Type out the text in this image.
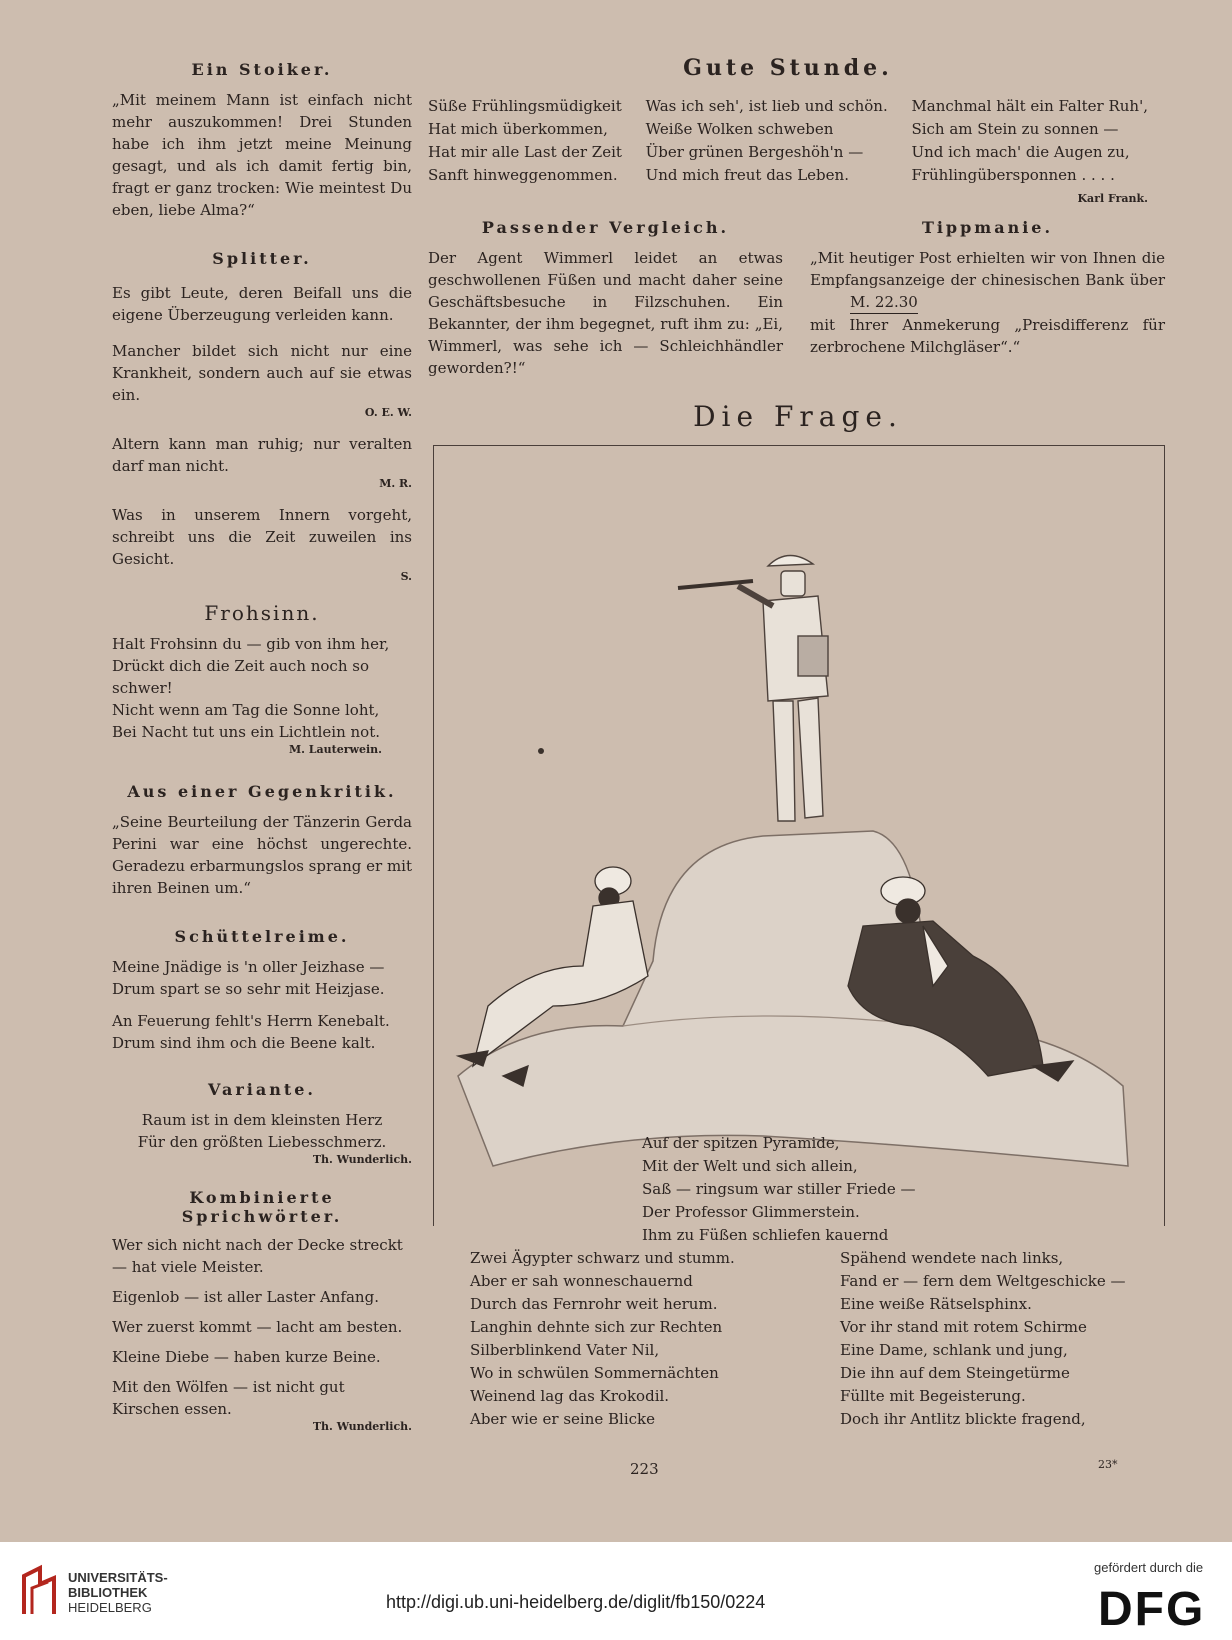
Ein Stoiker.

„Mit meinem Mann ist einfach nicht mehr auszukommen! Drei Stunden habe ich ihm jetzt meine Meinung gesagt, und als ich damit fertig bin, fragt er ganz trocken: Wie meintest Du eben, liebe Alma?“

Splitter.

Es gibt Leute, deren Beifall uns die eigene Überzeugung verleiden kann.

Mancher bildet sich nicht nur eine Krankheit, sondern auch auf sie etwas ein.

O. E. W.

Altern kann man ruhig; nur veralten darf man nicht.

M. R.

Was in unserem Innern vorgeht, schreibt uns die Zeit zuweilen ins Gesicht.

S.

Frohsinn.

Halt Frohsinn du — gib von ihm her,

Drückt dich die Zeit auch noch so schwer!

Nicht wenn am Tag die Sonne loht,

Bei Nacht tut uns ein Lichtlein not.

M. Lauterwein.

Aus einer Gegenkritik.

„Seine Beurteilung der Tänzerin Gerda Perini war eine höchst ungerechte. Geradezu erbarmungslos sprang er mit ihren Beinen um.“

Schüttelreime.

Meine Jnädige is 'n oller Jeizhase — Drum spart se so sehr mit Heizjase.

An Feuerung fehlt's Herrn Kenebalt. Drum sind ihm och die Beene kalt.

Variante.

Raum ist in dem kleinsten Herz

Für den größten Liebesschmerz.

Th. Wunderlich.

Kombinierte Sprichwörter.

Wer sich nicht nach der Decke streckt — hat viele Meister.

Eigenlob — ist aller Laster Anfang.

Wer zuerst kommt — lacht am besten.

Kleine Diebe — haben kurze Beine.

Mit den Wölfen — ist nicht gut Kirschen essen.

Th. Wunderlich.

Gute Stunde.

Süße Frühlingsmüdigkeit
Hat mich überkommen,
Hat mir alle Last der Zeit
Sanft hinweggenommen.
Was ich seh', ist lieb und schön.
Weiße Wolken schweben
Über grünen Bergeshöh'n —
Und mich freut das Leben.
Manchmal hält ein Falter Ruh',
Sich am Stein zu sonnen —
Und ich mach' die Augen zu,
Frühlingübersponnen . . . .
Karl Frank.

Passender Vergleich.

Der Agent Wimmerl leidet an etwas geschwollenen Füßen und macht daher seine Geschäftsbesuche in Filzschuhen. Ein Bekannter, der ihm begegnet, ruft ihm zu: „Ei, Wimmerl, was sehe ich — Schleichhändler geworden?!“

Tippmanie.

„Mit heutiger Post erhielten wir von Ihnen die Empfangsanzeige der chinesischen Bank über M. 22.30

mit Ihrer Anmekerung „Preisdifferenz für zerbrochene Milchgläser“.“

Die Frage.
Auf der spitzen Pyramide,
Mit der Welt und sich allein,
Saß — ringsum war stiller Friede —
Der Professor Glimmerstein.
Ihm zu Füßen schliefen kauernd
Zwei Ägypter schwarz und stumm.
Aber er sah wonneschauernd
Durch das Fernrohr weit herum.
Langhin dehnte sich zur Rechten
Silberblinkend Vater Nil,
Wo in schwülen Sommernächten
Weinend lag das Krokodil.
Aber wie er seine Blicke
Spähend wendete nach links,
Fand er — fern dem Weltgeschicke —
Eine weiße Rätselsphinx.
Vor ihr stand mit rotem Schirme
Eine Dame, schlank und jung,
Die ihn auf dem Steingetürme
Füllte mit Begeisterung.
Doch ihr Antlitz blickte fragend,
223	23*
UNIVERSITÄTS-
BIBLIOTHEK
HEIDELBERG	http://digi.ub.uni-heidelberg.de/diglit/fb150/0224
gefördert durch die
DFG
